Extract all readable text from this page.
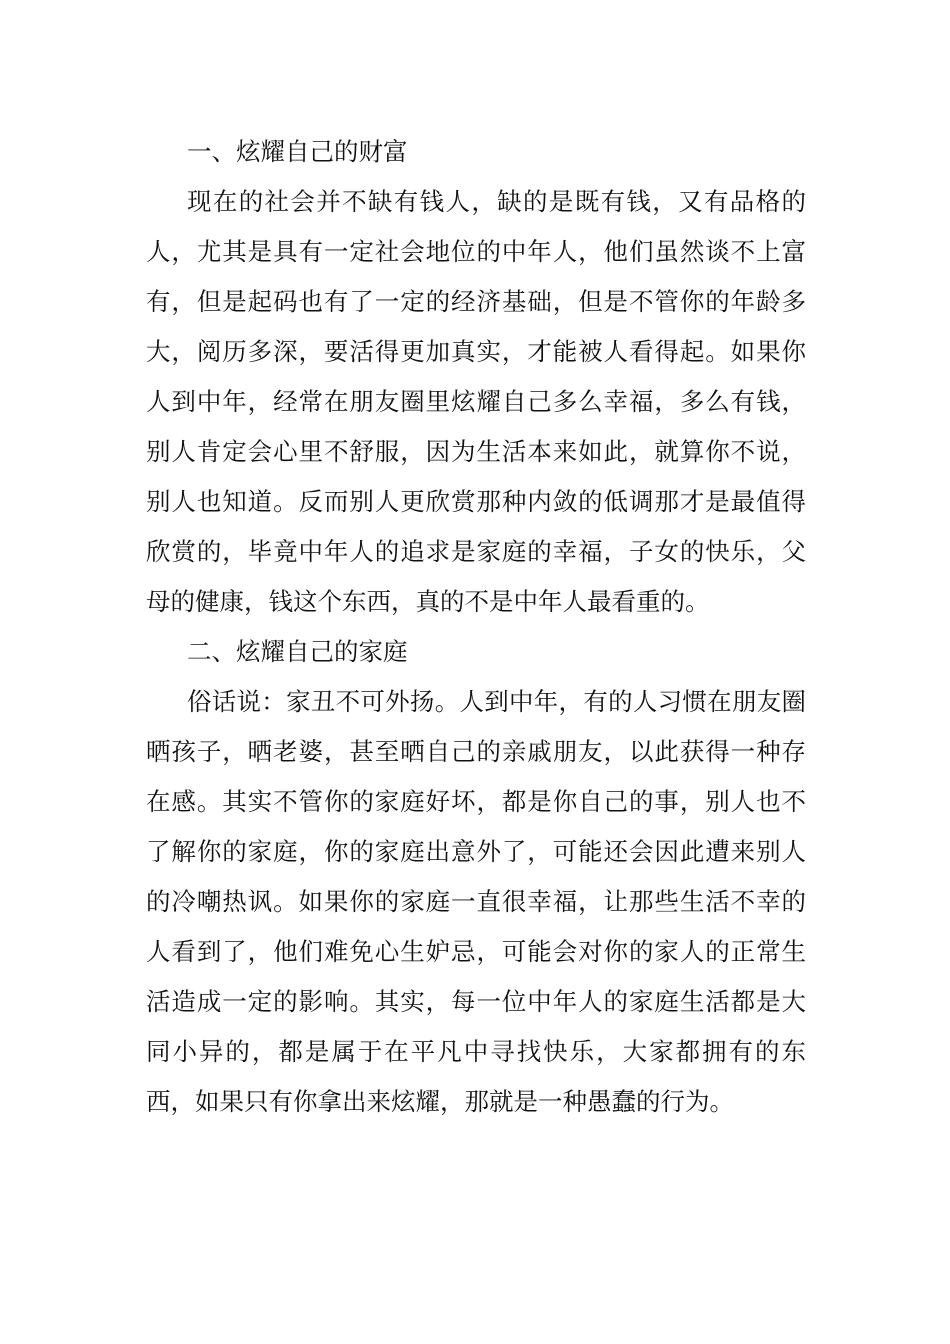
一、炫耀自己的财富

现在的社会并不缺有钱人，缺的是既有钱，又有品格的人，尤其是具有一定社会地位的中年人，他们虽然谈不上富有，但是起码也有了一定的经济基础，但是不管你的年龄多大，阅历多深，要活得更加真实，才能被人看得起。如果你人到中年，经常在朋友圈里炫耀自己多么幸福，多么有钱，别人肯定会心里不舒服，因为生活本来如此，就算你不说，别人也知道。反而别人更欣赏那种内敛的低调那才是最值得欣赏的，毕竟中年人的追求是家庭的幸福，子女的快乐，父母的健康，钱这个东西，真的不是中年人最看重的。

二、炫耀自己的家庭

俗话说：家丑不可外扬。人到中年，有的人习惯在朋友圈晒孩子，晒老婆，甚至晒自己的亲戚朋友，以此获得一种存在感。其实不管你的家庭好坏，都是你自己的事，别人也不了解你的家庭，你的家庭出意外了，可能还会因此遭来别人的冷嘲热讽。如果你的家庭一直很幸福，让那些生活不幸的人看到了，他们难免心生妒忌，可能会对你的家人的正常生活造成一定的影响。其实，每一位中年人的家庭生活都是大同小异的，都是属于在平凡中寻找快乐，大家都拥有的东西，如果只有你拿出来炫耀，那就是一种愚蠢的行为。
